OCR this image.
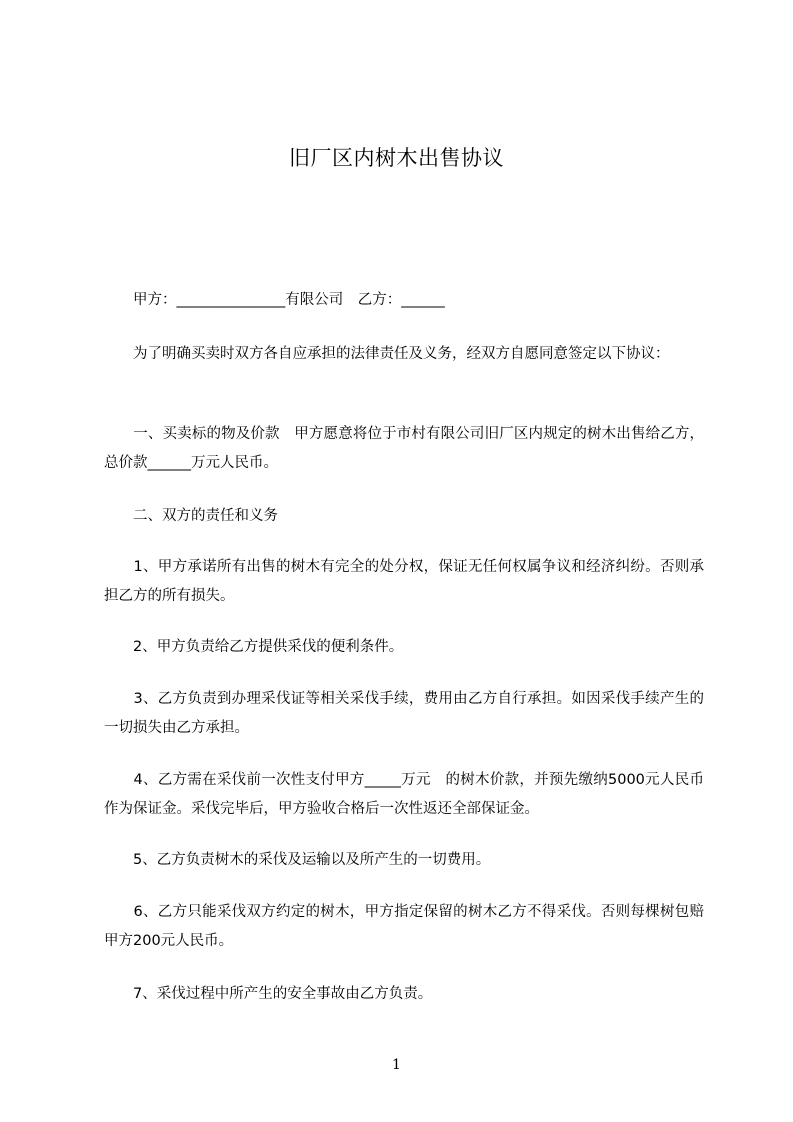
旧厂区内树木出售协议
　　甲方：_______________有限公司　乙方：______
　　为了明确买卖时双方各自应承担的法律责任及义务，经双方自愿同意签定以下协议：
　　一、买卖标的物及价款　甲方愿意将位于市村有限公司旧厂区内规定的树木出售给乙方，总价款______万元人民币。
　　二、双方的责任和义务
　　1、甲方承诺所有出售的树木有完全的处分权，保证无任何权属争议和经济纠纷。否则承担乙方的所有损失。
　　2、甲方负责给乙方提供采伐的便利条件。
　　3、乙方负责到办理采伐证等相关采伐手续，费用由乙方自行承担。如因采伐手续产生的一切损失由乙方承担。
　　4、乙方需在采伐前一次性支付甲方_____万元　的树木价款，并预先缴纳5000元人民币作为保证金。采伐完毕后，甲方验收合格后一次性返还全部保证金。
　　5、乙方负责树木的采伐及运输以及所产生的一切费用。
　　6、乙方只能采伐双方约定的树木，甲方指定保留的树木乙方不得采伐。否则每棵树包赔甲方200元人民币。
　　7、采伐过程中所产生的安全事故由乙方负责。
1
